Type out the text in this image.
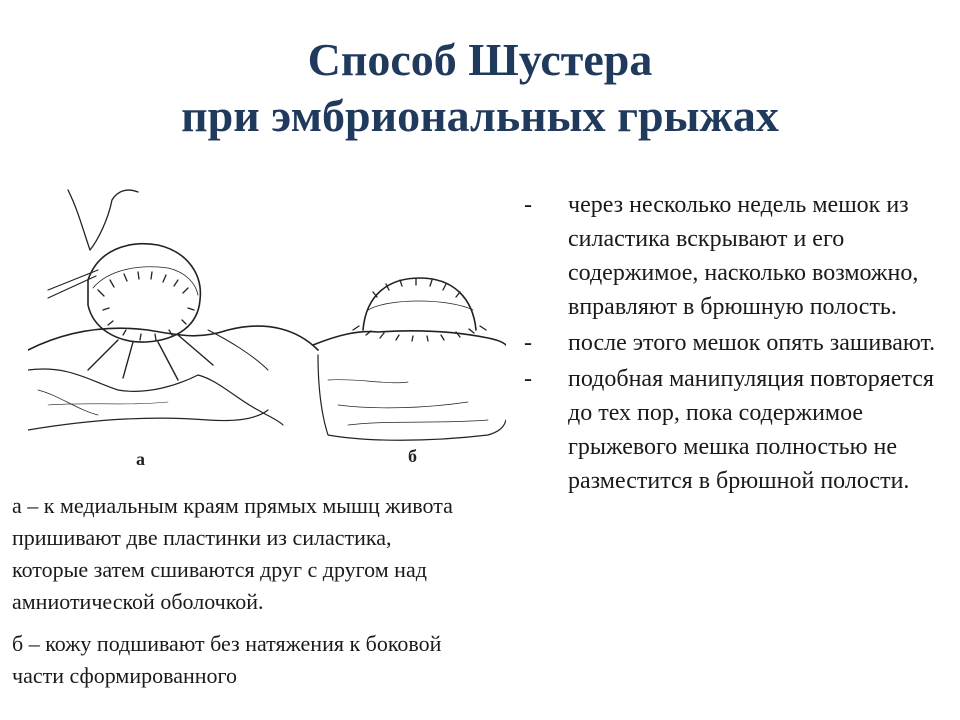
Способ Шустера
при эмбриональных грыжах
а	б

а – к медиальным краям прямых мышц живота пришивают две пластинки из силастика, которые затем сшиваются друг с другом над амниотической оболочкой.

б – кожу подшивают без натяжения к боковой части сформированного

-	через несколько недель мешок из силастика вскрывают и его содержимое, насколько возможно, вправляют в брюшную полость.
-	после этого мешок опять зашивают.
-	подобная манипуляция повторяется до тех пор, пока содержимое грыжевого мешка полностью не разместится в брюшной полости.
